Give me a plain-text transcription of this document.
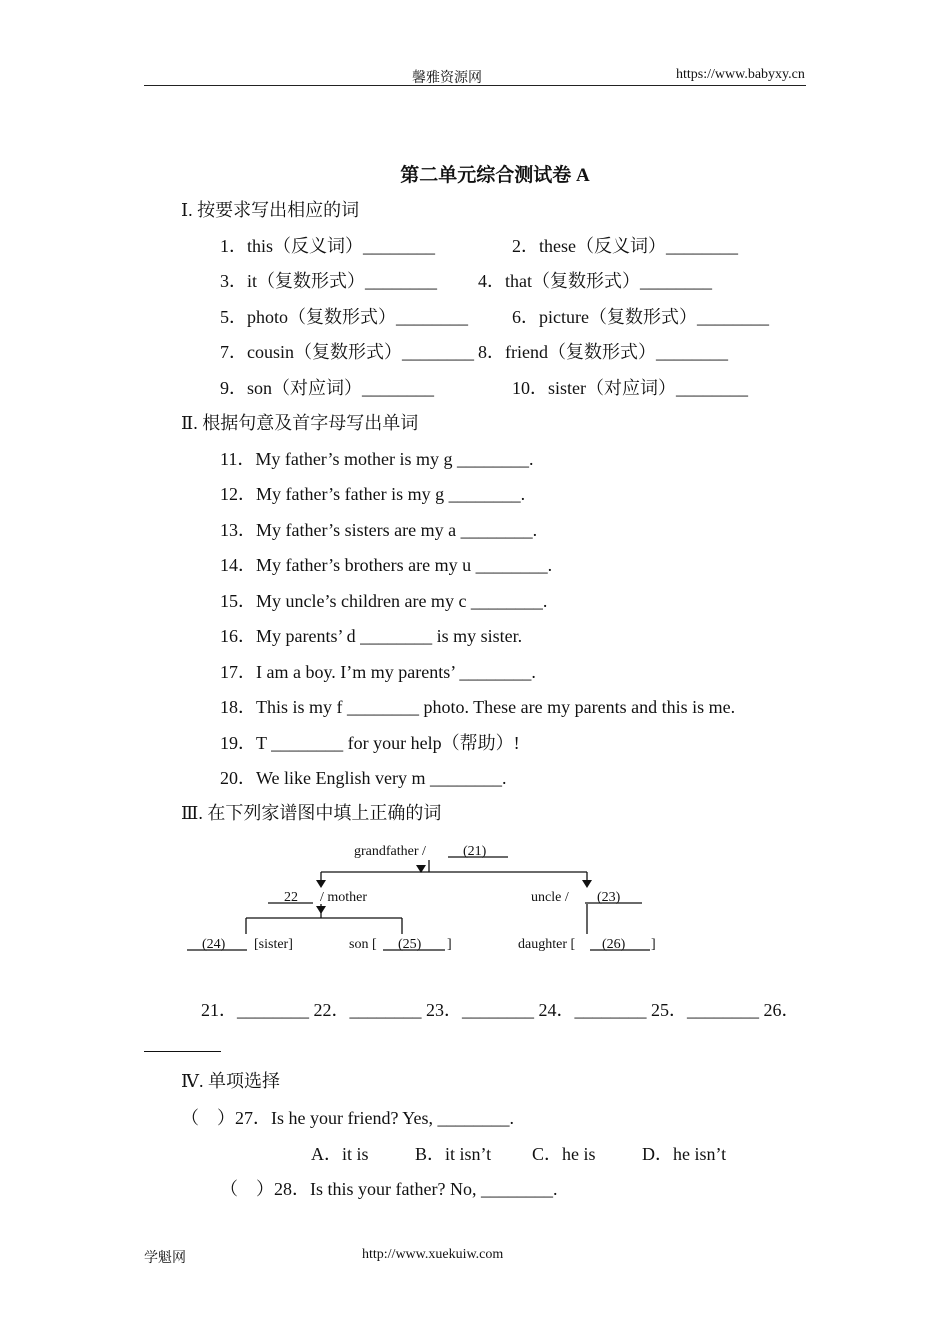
馨雅资源网	https://www.babyxy.cn
第二单元综合测试卷 A
Ⅰ. 按要求写出相应的词
1．this（反义词）________	2．these（反义词）________
3．it（复数形式）________ 4．that（复数形式）________
5．photo（复数形式）________ 6．picture（复数形式）________
7．cousin（复数形式）________ 8．friend（复数形式）________
9．son（对应词）________	10．sister（对应词）________
Ⅱ. 根据句意及首字母写出单词
11．My father’s mother is my g ________.
12．My father’s father is my g ________.
13．My father’s sisters are my a ________.
14．My father’s brothers are my u ________.
15．My uncle’s children are my c ________.
16．My parents’ d ________ is my sister.
17．I am a boy. I’m my parents’ ________.
18．This is my f ________ photo. These are my parents and this is me.
19．T ________ for your help（帮助）!
20．We like English very m ________.
Ⅲ. 在下列家谱图中填上正确的词
grandfather /	(21)
22 / mother	uncle / (23)
(24) [sister]	son [ (25) ]	daughter [ (26) ]
21．________ 22．________ 23．________ 24．________ 25．________ 26．
Ⅳ. 单项选择
（　）27．Is he your friend? Yes, ________.
A．it is	B．it isn’t C．he is	D．he isn’t
（　）28．Is this your father? No, ________.
学魁网	http://www.xuekuiw.com
